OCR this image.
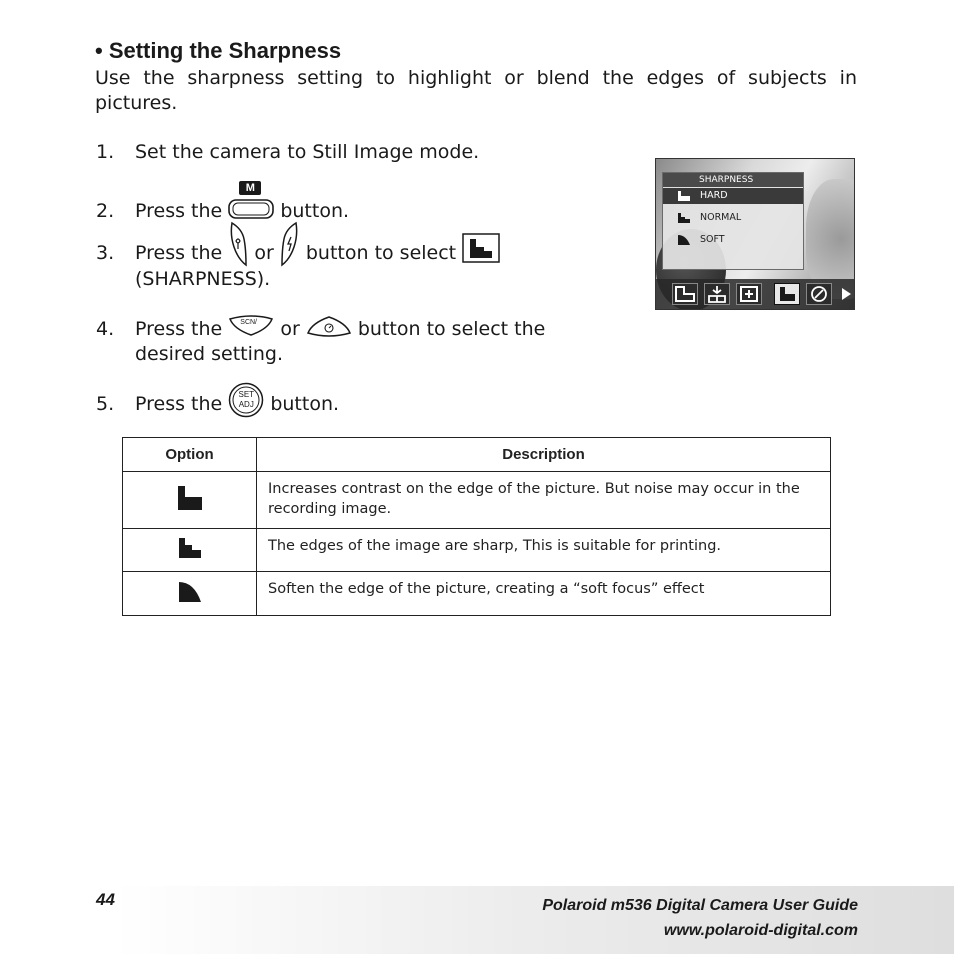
• Setting the Sharpness

Use the sharpness setting to highlight or blend the edges of subjects in pictures.

1. Set the camera to Still Image mode.
2. Press the
M
button.
3. Press the or button to select
(SHARPNESS).
4. Press the	SCN/ or	button to select the
desired setting.
5. Press the	SET
ADJ button.
SHARPNESS
HARD
NORMAL
SOFT
Option	Description
	Increases contrast on the edge of the picture. But noise may occur in the recording image.
	The edges of the image are sharp, This is suitable for printing.
	Soften the edge of the picture, creating a “soft focus” effect
44	Polaroid m536 Digital Camera User Guide
www.polaroid-digital.com
